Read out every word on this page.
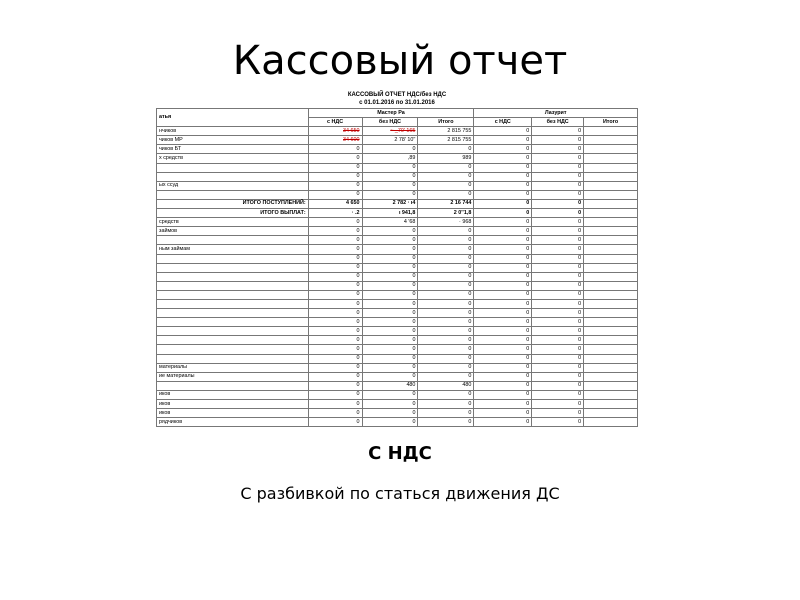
Кассовый отчет
КАССОВЫЙ ОТЧЕТ НДС/без НДС
с 01.01.2016 по 31.01.2016
атья	Мастер Ра			Лазурит		
	с НДС	без НДС	Итого	с НДС	без НДС	Итого
нчиков	34 650	~ _70' 165	2 815 755	0	0	
чиков МР	34 600	2 78' 10''	2 815 755	0	0	
чиков БТ	0	0	0	0	0	
х средств	0	,89	989	0	0	
	0	0	0	0	0	
	0	0	0	0	0	
ых ссуд	0	0	0	0	0	
	0	0	0	0	0	
ИТОГО ПОСТУПЛЕНИЙ:	4 650	2 782 · ı4	2 16 744	0	0	
ИТОГО ВЫПЛАТ:	· .2	ι 941,8	2 0''1,8	0	0	
средств	0	4 '68	· 968	0	0	
займов	0	0	0	0	0	
	0	0	0	0	0	
ным займам	0	0	0	0	0	
	0	0	0	0	0	
	0	0	0	0	0	
	0	0	0	0	0	
	0	0	0	0	0	
	0	0	0	0	0	
	0	0	0	0	0	
	0	0	0	0	0	
	0	0	0	0	0	
	0	0	0	0	0	
	0	0	0	0	0	
	0	0	0	0	0	
	0	0	0	0	0	
материалы	0	0	0	0	0	
ие материалы	0	0	0	0	0	
	0	480	480	0	0	
иков	0	0	0	0	0	
иков	0	0	0	0	0	
иков	0	0	0	0	0	
рядчиков	0	0	0	0	0	
С НДС
С разбивкой по статься движения ДС
